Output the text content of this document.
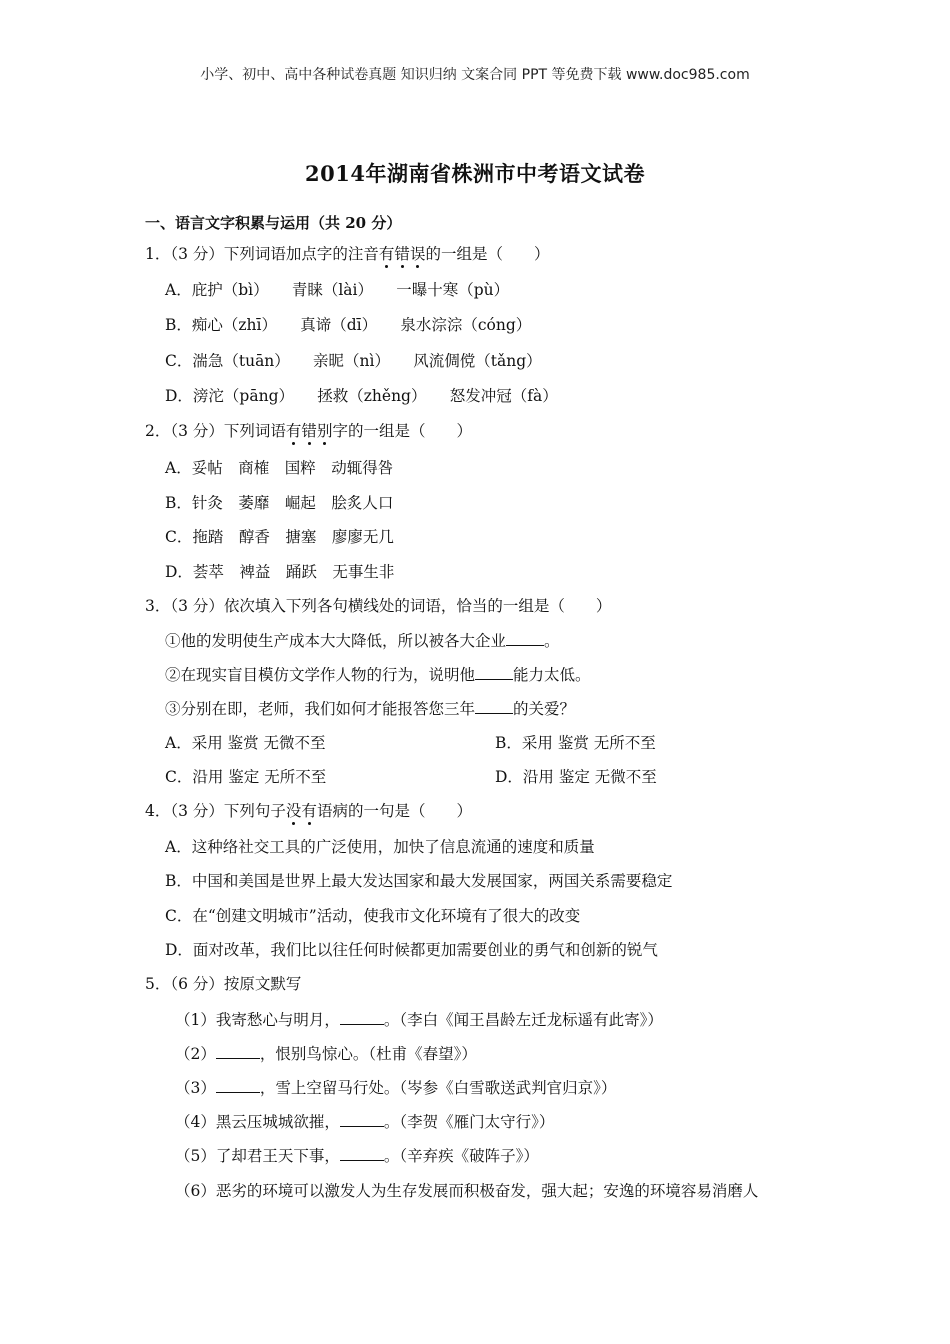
小学、初中、高中各种试卷真题 知识归纳 文案合同 PPT 等免费下载 www.doc985.com
2014年湖南省株洲市中考语文试卷
一、语言文字积累与运用（共 20 分）
1．（3 分）下列词语加点字的注音有错误的一组是（　　）
A．庇护（bì）　　青睐（lài）　　一曝十寒（pù）
B．痴心（zhī）　　真谛（dī）　　泉水淙淙（cóng）
C．湍急（tuān）　　亲昵（nì）　　风流倜傥（tǎng）
D．滂沱（pāng）　　拯救（zhěng）　　怒发冲冠（fà）
2．（3 分）下列词语有错别字的一组是（　　）
A．妥帖　商榷　国粹　动辄得咎
B．针灸　萎靡　崛起　脍炙人口
C．拖踏　醇香　搪塞　廖廖无几
D．荟萃　裨益　踊跃　无事生非
3．（3 分）依次填入下列各句横线处的词语，恰当的一组是（　　）
①他的发明使生产成本大大降低，所以被各大企业 。
②在现实盲目模仿文学作人物的行为，说明他 能力太低。
③分别在即，老师，我们如何才能报答您三年 的关爱？
A．采用 鉴赏 无微不至	B．采用 鉴赏 无所不至
C．沿用 鉴定 无所不至	D．沿用 鉴定 无微不至
4．（3 分）下列句子没有语病的一句是（　　）
A．这种络社交工具的广泛使用，加快了信息流通的速度和质量
B．中国和美国是世界上最大发达国家和最大发展国家，两国关系需要稳定
C．在“创建文明城市”活动，使我市文化环境有了很大的改变
D．面对改革，我们比以往任何时候都更加需要创业的勇气和创新的锐气
5．（6 分）按原文默写
（1）我寄愁心与明月，	。（李白《闻王昌龄左迁龙标遥有此寄》）
（2）	，恨别鸟惊心。（杜甫《春望》）
（3）	，雪上空留马行处。（岑参《白雪歌送武判官归京》）
（4）黑云压城城欲摧，	。（李贺《雁门太守行》）
（5）了却君王天下事，	。（辛弃疾《破阵子》）
（6）恶劣的环境可以激发人为生存发展而积极奋发，强大起；安逸的环境容易消磨人
